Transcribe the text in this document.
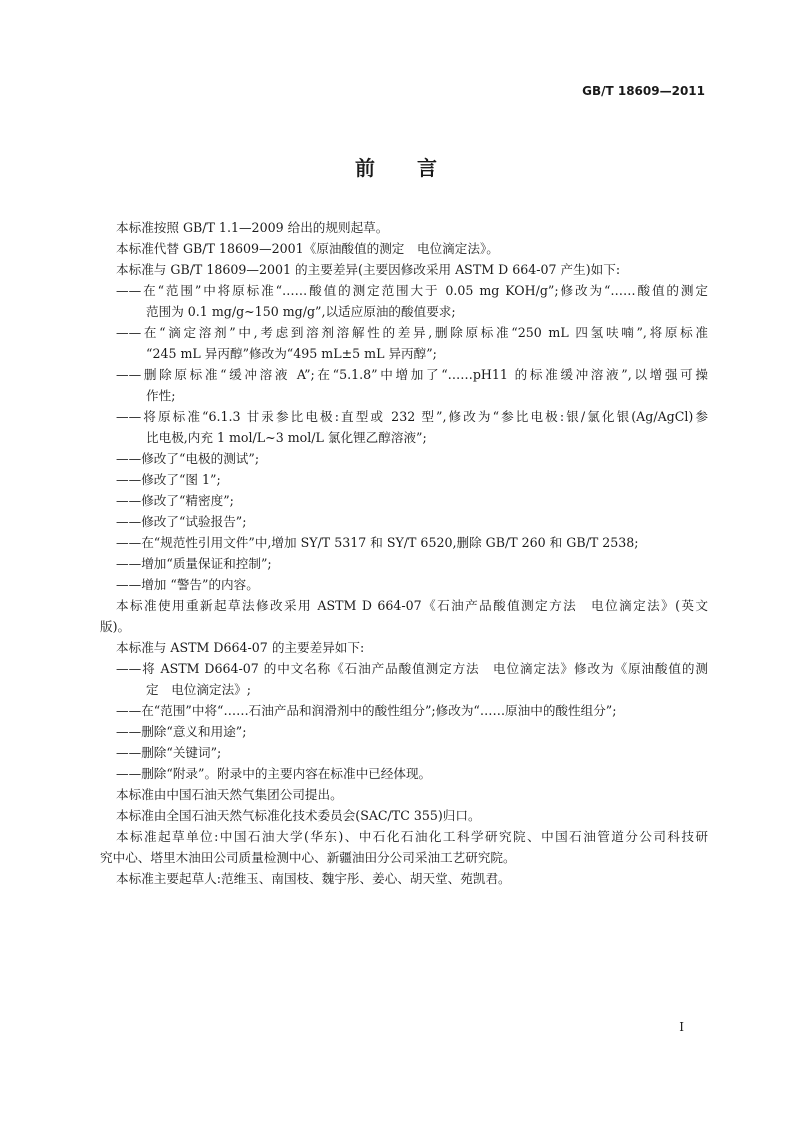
GB/T 18609—2011
前 言
本标准按照 GB/T 1.1—2009 给出的规则起草。
本标准代替 GB/T 18609—2001《原油酸值的测定　电位滴定法》。
本标准与 GB/T 18609—2001 的主要差异(主要因修改采用 ASTM D 664-07 产生)如下:
——在“范围”中将原标准“……酸值的测定范围大于 0.05 mg KOH/g”;修改为“……酸值的测定
范围为 0.1 mg/g~150 mg/g”,以适应原油的酸值要求;
——在“滴定溶剂”中,考虑到溶剂溶解性的差异,删除原标准“250 mL 四氢呋喃”,将原标准
“245 mL 异丙醇”修改为“495 mL±5 mL 异丙醇”;
——删除原标准“缓冲溶液 A”;在“5.1.8”中增加了“……pH11 的标准缓冲溶液”,以增强可操
作性;
——将原标准“6.1.3 甘汞参比电极:直型或 232 型”,修改为“参比电极:银/氯化银(Ag/AgCl)参
比电极,内充 1 mol/L~3 mol/L 氯化锂乙醇溶液”;
——修改了“电极的测试”;
——修改了“图 1”;
——修改了“精密度”;
——修改了“试验报告”;
——在“规范性引用文件”中,增加 SY/T 5317 和 SY/T 6520,删除 GB/T 260 和 GB/T 2538;
——增加“质量保证和控制”;
——增加 “警告”的内容。
本标准使用重新起草法修改采用 ASTM D 664-07《石油产品酸值测定方法　电位滴定法》(英文
版)。
本标准与 ASTM D664-07 的主要差异如下:
——将 ASTM D664-07 的中文名称《石油产品酸值测定方法　电位滴定法》修改为《原油酸值的测
定　电位滴定法》;
——在“范围”中将“……石油产品和润滑剂中的酸性组分”;修改为“……原油中的酸性组分”;
——删除“意义和用途”;
——删除“关键词”;
——删除“附录”。附录中的主要内容在标准中已经体现。
本标准由中国石油天然气集团公司提出。
本标准由全国石油天然气标准化技术委员会(SAC/TC 355)归口。
本标准起草单位:中国石油大学(华东)、中石化石油化工科学研究院、中国石油管道分公司科技研
究中心、塔里木油田公司质量检测中心、新疆油田分公司采油工艺研究院。
本标准主要起草人:范维玉、南国枝、魏宇彤、姜心、胡天堂、苑凯君。
I
